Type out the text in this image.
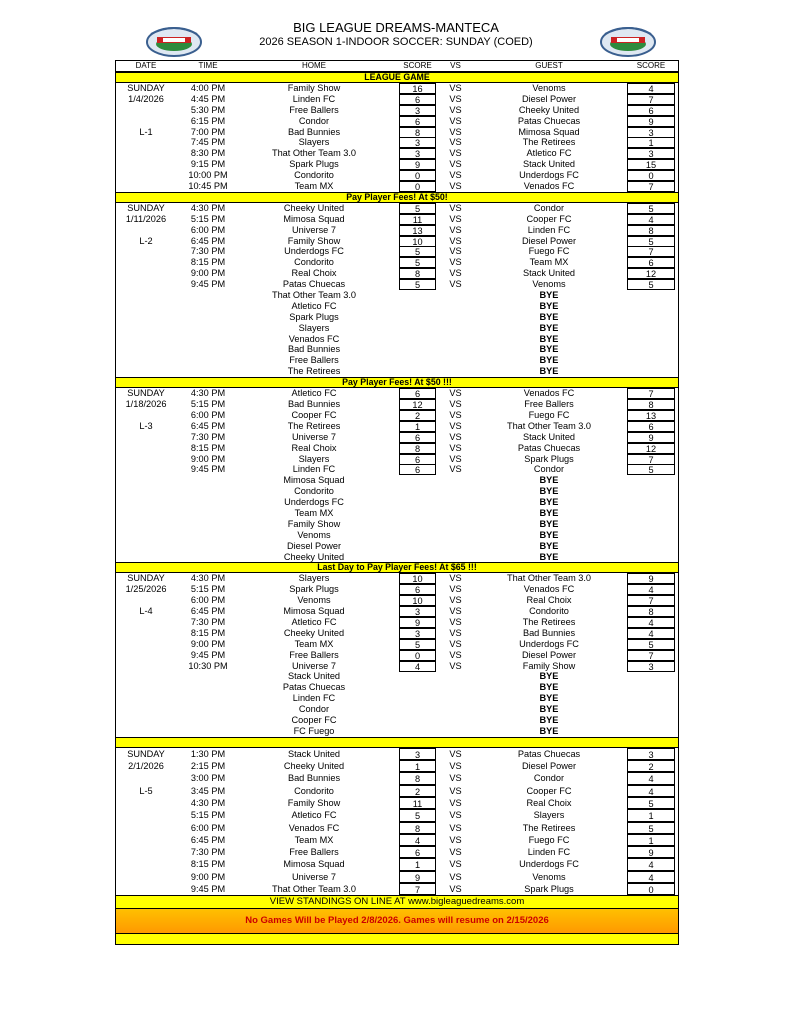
BIG LEAGUE DREAMS-MANTECA
2026 SEASON 1-INDOOR SOCCER: SUNDAY (COED)
DATE	TIME	HOME	SCORE	VS	GUEST	SCORE
LEAGUE GAME
SUNDAY	4:00 PM	Family Show	16	VS	Venoms	4
1/4/2026	4:45 PM	Linden FC	6	VS	Diesel Power	7
5:30 PM	Free Ballers	3	VS	Cheeky United	6
6:15 PM	Condor	6	VS	Patas Chuecas	9
L-1	7:00 PM	Bad Bunnies	8	VS	Mimosa Squad	3
7:45 PM	Slayers	3	VS	The Retirees	1
8:30 PM	That Other Team 3.0	3	VS	Atletico FC	3
9:15 PM	Spark Plugs	9	VS	Stack United	15
10:00 PM	Condorito	0	VS	Underdogs FC	0
10:45 PM	Team MX	0	VS	Venados FC	7
Pay Player Fees! At $50!
SUNDAY	4:30 PM	Cheeky United	5	VS	Condor	5
1/11/2026	5:15 PM	Mimosa Squad	11	VS	Cooper FC	4
6:00 PM	Universe 7	13	VS	Linden FC	8
L-2	6:45 PM	Family Show	10	VS	Diesel Power	5
7:30 PM	Underdogs FC	5	VS	Fuego FC	7
8:15 PM	Condorito	5	VS	Team MX	6
9:00 PM	Real Choix	8	VS	Stack United	12
9:45 PM	Patas Chuecas	5	VS	Venoms	5
That Other Team 3.0	BYE
Atletico FC	BYE
Spark Plugs	BYE
Slayers	BYE
Venados FC	BYE
Bad Bunnies	BYE
Free Ballers	BYE
The Retirees	BYE
Pay Player Fees! At $50 !!!
SUNDAY	4:30 PM	Atletico FC	6	VS	Venados FC	7
1/18/2026	5:15 PM	Bad Bunnies	12	VS	Free Ballers	8
6:00 PM	Cooper FC	2	VS	Fuego FC	13
L-3	6:45 PM	The Retirees	1	VS	That Other Team 3.0	6
7:30 PM	Universe 7	6	VS	Stack United	9
8:15 PM	Real Choix	8	VS	Patas Chuecas	12
9:00 PM	Slayers	6	VS	Spark Plugs	7
9:45 PM	Linden FC	6	VS	Condor	5
Mimosa Squad	BYE
Condorito	BYE
Underdogs FC	BYE
Team MX	BYE
Family Show	BYE
Venoms	BYE
Diesel Power	BYE
Cheeky United	BYE
Last Day to Pay Player Fees! At $65 !!!
SUNDAY	4:30 PM	Slayers	10	VS	That Other Team 3.0	9
1/25/2026	5:15 PM	Spark Plugs	6	VS	Venados FC	4
6:00 PM	Venoms	10	VS	Real Choix	7
L-4	6:45 PM	Mimosa Squad	3	VS	Condorito	8
7:30 PM	Atletico FC	9	VS	The Retirees	4
8:15 PM	Cheeky United	3	VS	Bad Bunnies	4
9:00 PM	Team MX	5	VS	Underdogs FC	5
9:45 PM	Free Ballers	0	VS	Diesel Power	7
10:30 PM	Universe 7	4	VS	Family Show	3
Stack United	BYE
Patas Chuecas	BYE
Linden FC	BYE
Condor	BYE
Cooper FC	BYE
FC Fuego	BYE
SUNDAY	1:30 PM	Stack United	3	VS	Patas Chuecas	3
2/1/2026	2:15 PM	Cheeky United	1	VS	Diesel Power	2
3:00 PM	Bad Bunnies	8	VS	Condor	4
L-5	3:45 PM	Condorito	2	VS	Cooper FC	4
4:30 PM	Family Show	11	VS	Real Choix	5
5:15 PM	Atletico FC	5	VS	Slayers	1
6:00 PM	Venados FC	8	VS	The Retirees	5
6:45 PM	Team MX	4	VS	Fuego FC	1
7:30 PM	Free Ballers	6	VS	Linden FC	9
8:15 PM	Mimosa Squad	1	VS	Underdogs FC	4
9:00 PM	Universe 7	9	VS	Venoms	4
9:45 PM	That Other Team 3.0	7	VS	Spark Plugs	0
VIEW STANDINGS ON LINE AT www.bigleaguedreams.com
No Games Will be Played 2/8/2026. Games will resume on 2/15/2026
